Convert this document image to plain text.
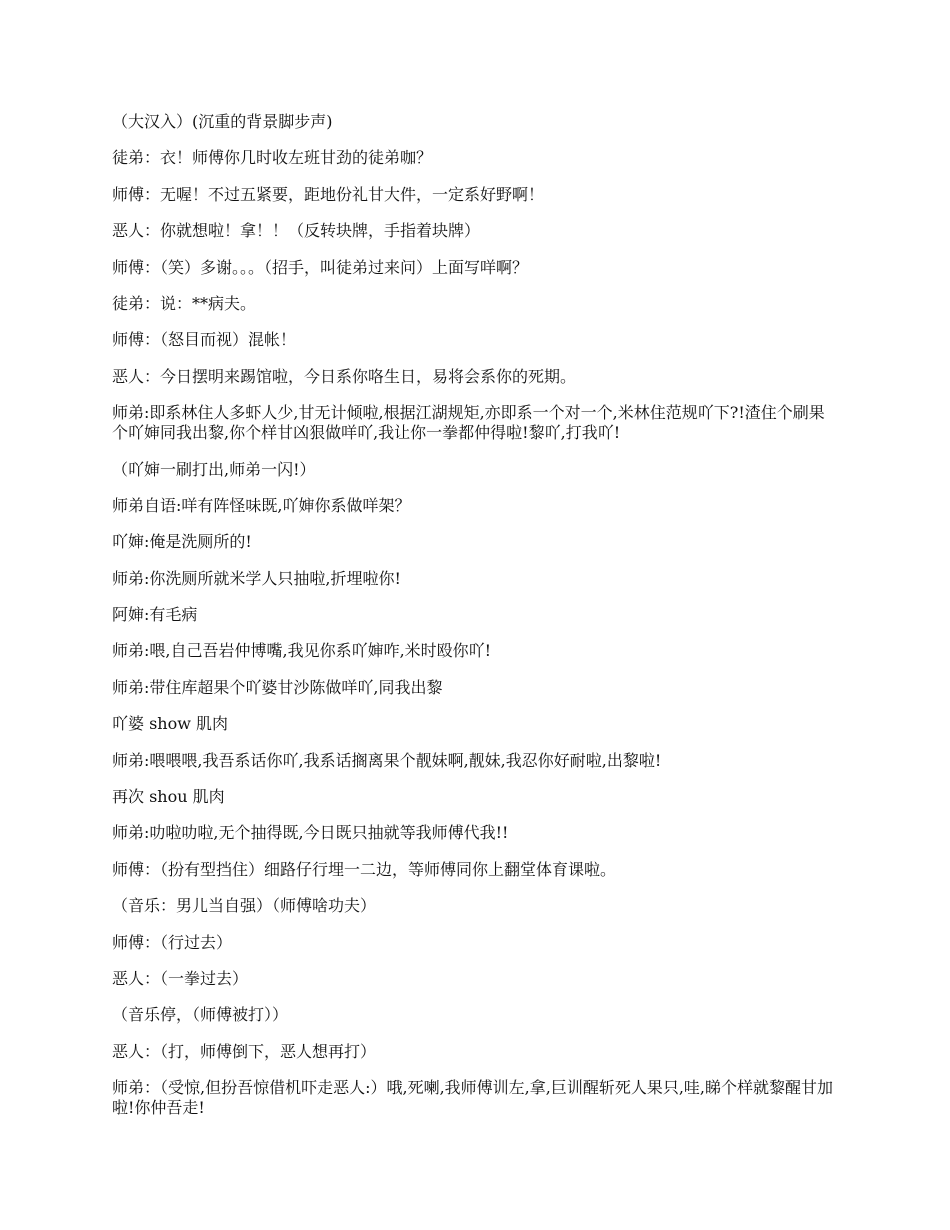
（大汉入）(沉重的背景脚步声)

徒弟：衣！师傅你几时收左班甘劲的徒弟咖？

师傅：无喔！不过五紧要，距地份礼甘大件，一定系好野啊！

恶人：你就想啦！拿！！（反转块牌，手指着块牌）

师傅：（笑）多谢。。。（招手，叫徒弟过来问）上面写咩啊？

徒弟：说：**病夫。

师傅：（怒目而视）混帐！

恶人：今日摆明来踢馆啦，今日系你咯生日，易将会系你的死期。

师弟:即系林住人多虾人少,甘无计倾啦,根据江湖规矩,亦即系一个对一个,米林住范规吖下?!渣住个刷果个吖婶同我出黎,你个样甘凶狠做咩吖,我让你一拳都仲得啦!黎吖,打我吖!

（吖婶一刷打出,师弟一闪!）

师弟自语:咩有阵怪味既,吖婶你系做咩架？

吖婶:俺是洗厕所的!

师弟:你洗厕所就米学人只抽啦,折埋啦你!

阿婶:有毛病

师弟:喂,自己吾岩仲博嘴,我见你系吖婶咋,米时殴你吖!

师弟:带住库超果个吖婆甘沙陈做咩吖,同我出黎

吖婆 show 肌肉

师弟:喂喂喂,我吾系话你吖,我系话搁离果个靓妹啊,靓妹,我忍你好耐啦,出黎啦!

再次 shou 肌肉

师弟:叻啦叻啦,无个抽得既,今日既只抽就等我师傅代我!!

师傅：（扮有型挡住）细路仔行埋一二边，等师傅同你上翻堂体育课啦。

（音乐：男儿当自强）（师傅啥功夫）

师傅：（行过去）

恶人：（一拳过去）

（音乐停，（师傅被打））

恶人：（打，师傅倒下，恶人想再打）

师弟：（受惊,但扮吾惊借机吓走恶人:）哦,死喇,我师傅训左,拿,巨训醒斩死人果只,哇,睇个样就黎醒甘加啦!你仲吾走!
